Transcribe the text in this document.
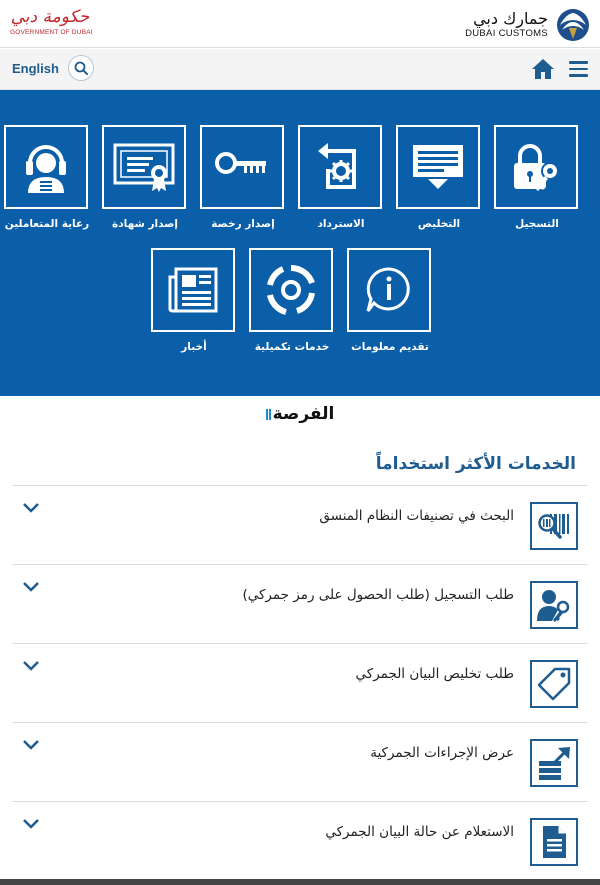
حكومة دبي
GOVERNMENT OF DUBAI
جمارك دبي
DUBAI CUSTOMS
English
التسجيل
التخليص
الاسترداد
إصدار رخصة
إصدار شهادة
رعاية المتعاملين
تقديم معلومات
خدمات تكميلية
أخبار
الفرصة
الخدمات الأكثر استخداماً
البحث في تصنيفات النظام المنسق
طلب التسجيل (طلب الحصول على رمز جمركي)
طلب تخليص البيان الجمركي
عرض الإجراءات الجمركية
الاستعلام عن حالة البيان الجمركي
